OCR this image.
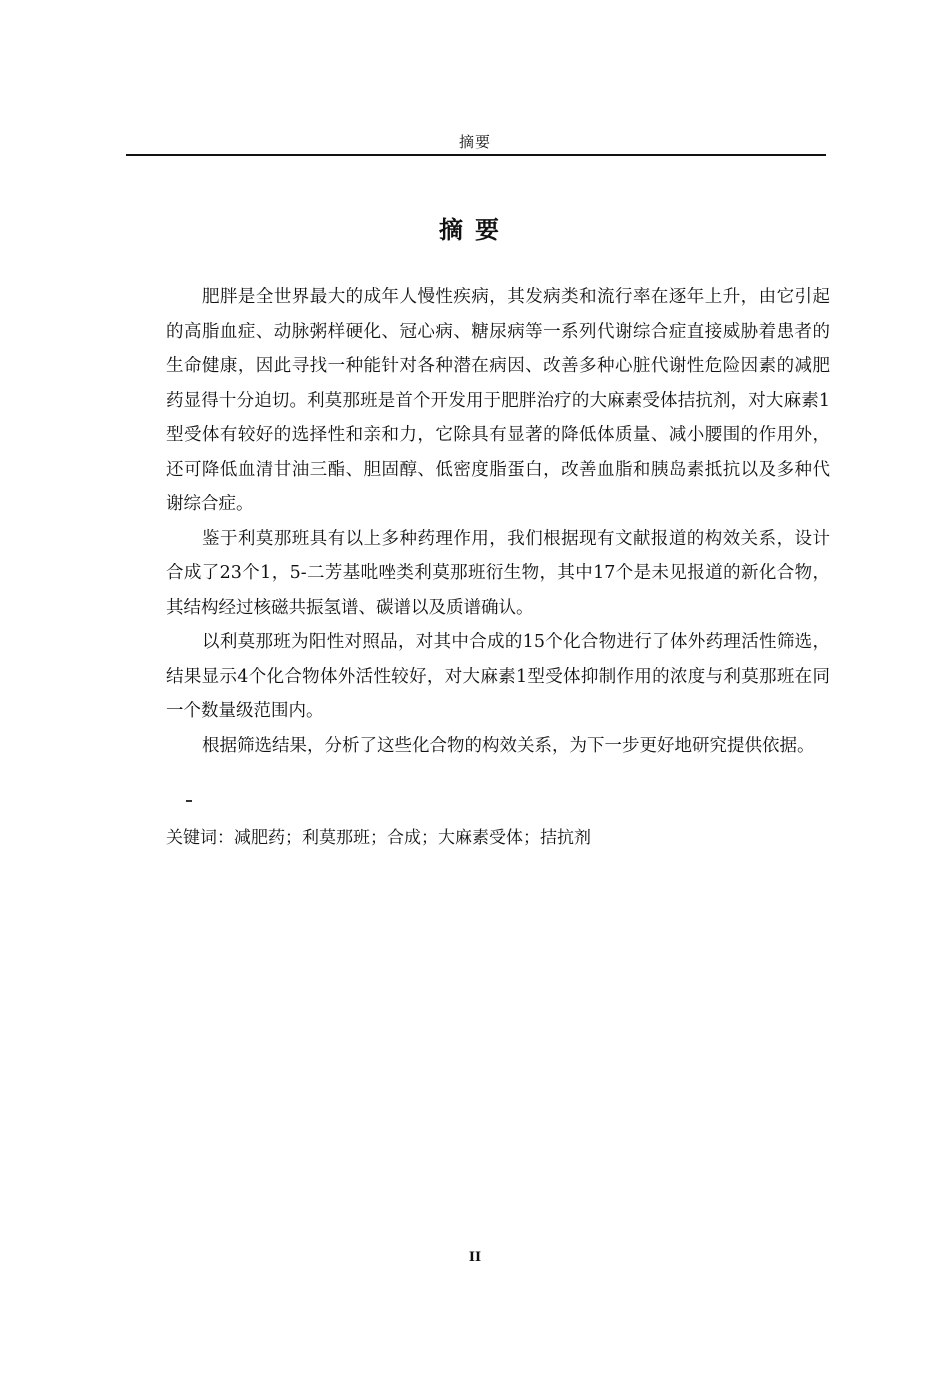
摘要
摘要

肥胖是全世界最大的成年人慢性疾病，其发病类和流行率在逐年上升，由它引起的高脂血症、动脉粥样硬化、冠心病、糖尿病等一系列代谢综合症直接威胁着患者的生命健康，因此寻找一种能针对各种潜在病因、改善多种心脏代谢性危险因素的减肥药显得十分迫切。利莫那班是首个开发用于肥胖治疗的大麻素受体拮抗剂，对大麻素1型受体有较好的选择性和亲和力，它除具有显著的降低体质量、减小腰围的作用外，还可降低血清甘油三酯、胆固醇、低密度脂蛋白，改善血脂和胰岛素抵抗以及多种代谢综合症。

鉴于利莫那班具有以上多种药理作用，我们根据现有文献报道的构效关系，设计合成了23个1，5-二芳基吡唑类利莫那班衍生物，其中17个是未见报道的新化合物，其结构经过核磁共振氢谱、碳谱以及质谱确认。

以利莫那班为阳性对照品，对其中合成的15个化合物进行了体外药理活性筛选，结果显示4个化合物体外活性较好，对大麻素1型受体抑制作用的浓度与利莫那班在同一个数量级范围内。

根据筛选结果，分析了这些化合物的构效关系，为下一步更好地研究提供依据。

关键词：减肥药；利莫那班；合成；大麻素受体；拮抗剂
II
